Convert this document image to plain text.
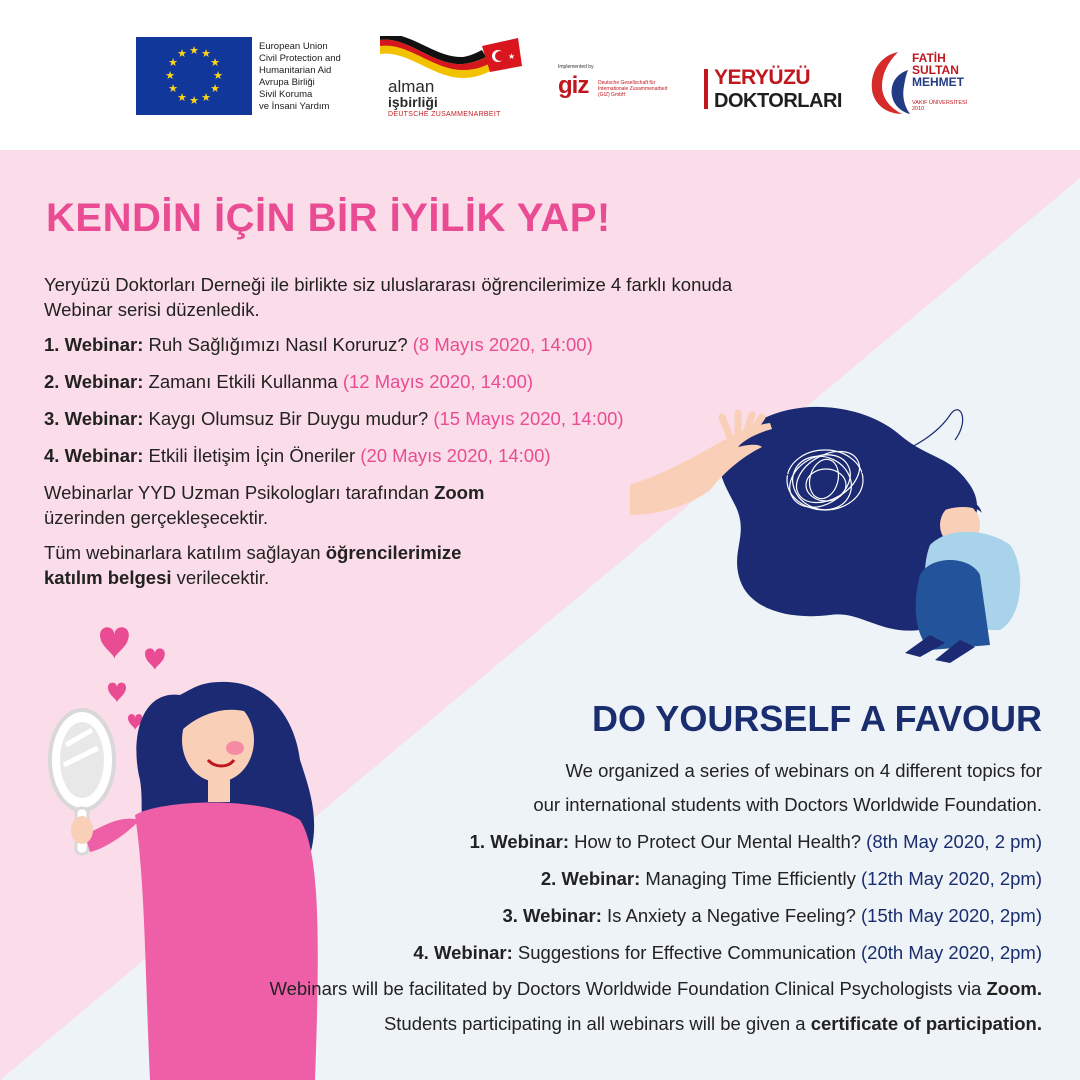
★ ★
★
★
★
★
★
★
★
★
★
★
European Union
Civil Protection and
Humanitarian Aid
Avrupa Birliği
Sivil Koruma
ve İnsani Yardım
★
alman
işbirliği
DEUTSCHE ZUSAMMENARBEIT
Implemented by
giz Deutsche Gesellschaft für Internationale Zusammenarbeit (GIZ) GmbH
YERYÜZÜ
DOKTORLARI
FATİH
SULTAN
MEHMET
VAKIF ÜNİVERSİTESİ
2010
KENDİN İÇİN BİR İYİLİK YAP!

Yeryüzü Doktorları Derneği ile birlikte siz uluslararası öğrencilerimize 4 farklı konuda
Webinar serisi düzenledik.

1. Webinar: Ruh Sağlığımızı Nasıl Koruruz? (8 Mayıs 2020, 14:00)

2. Webinar: Zamanı Etkili Kullanma (12 Mayıs 2020, 14:00)

3. Webinar: Kaygı Olumsuz Bir Duygu mudur? (15 Mayıs 2020, 14:00)

4. Webinar: Etkili İletişim İçin Öneriler (20 Mayıs 2020, 14:00)

Webinarlar YYD Uzman Psikologları tarafından Zoom
üzerinden gerçekleşecektir.

Tüm webinarlara katılım sağlayan öğrencilerimize
katılım belgesi verilecektir.

DO YOURSELF A FAVOUR

We organized a series of webinars on 4 different topics for

our international students with Doctors Worldwide Foundation.

1. Webinar: How to Protect Our Mental Health? (8th May 2020, 2 pm)

2. Webinar: Managing Time Efficiently (12th May 2020, 2pm)

3. Webinar: Is Anxiety a Negative Feeling? (15th May 2020, 2pm)

4. Webinar: Suggestions for Effective Communication (20th May 2020, 2pm)

Webinars will be facilitated by Doctors Worldwide Foundation Clinical Psychologists via Zoom.

Students participating in all webinars will be given a certificate of participation.
